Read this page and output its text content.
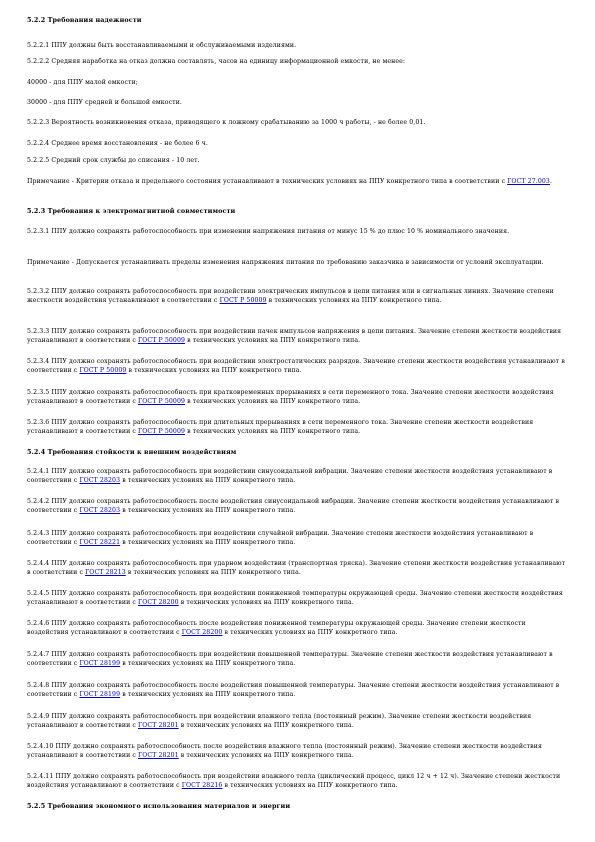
5.2.2 Требования надежности
5.2.2.1 ППУ должны быть восстанавливаемыми и обслуживаемыми изделиями.
5.2.2.2 Средняя наработка на отказ должна составлять, часов на единицу информационной емкости, не менее:
40000 - для ППУ малой емкости;
30000 - для ППУ средней и большой емкости.
5.2.2.3 Вероятность возникновения отказа, приводящего к ложному срабатыванию за 1000 ч работы, - не более 0,01.
5.2.2.4 Среднее время восстановления - не более 6 ч.
5.2.2.5 Средний срок службы до списания - 10 лет.
Примечание - Критерии отказа и предельного состояния устанавливают в технических условиях на ППУ конкретного типа в соответствии с ГОСТ 27.003.
5.2.3 Требования к электромагнитной совместимости
5.2.3.1 ППУ должно сохранять работоспособность при изменении напряжения питания от минус 15 % до плюс 10 % номинального значения.
Примечание - Допускается устанавливать пределы изменения напряжения питания по требованию заказчика в зависимости от условий эксплуатации.
5.2.3.2 ППУ должно сохранять работоспособность при воздействии электрических импульсов в цепи питания или в сигнальных линиях. Значение степени жесткости воздействия устанавливают в соответствии с ГОСТ Р 50009 в технических условиях на ППУ конкретного типа.
5.2.3.3 ППУ должно сохранять работоспособность при воздействии пачек импульсов напряжения в цепи питания. Значение степени жесткости воздействия устанавливают в соответствии с ГОСТ Р 50009 в технических условиях на ППУ конкретного типа.
5.2.3.4 ППУ должно сохранять работоспособность при воздействии электростатических разрядов. Значение степени жесткости воздействия устанавливают в соответствии с ГОСТ Р 50009 в технических условиях на ППУ конкретного типа.
5.2.3.5 ППУ должно сохранять работоспособность при кратковременных прерываниях в сети переменного тока. Значение степени жесткости воздействия устанавливают в соответствии с ГОСТ Р 50009 в технических условиях на ППУ конкретного типа.
5.2.3.6 ППУ должно сохранять работоспособность при длительных прерываниях в сети переменного тока. Значение степени жесткости воздействия устанавливают в соответствии с ГОСТ Р 50009 в технических условиях на ППУ конкретного типа.
5.2.4 Требования стойкости к внешним воздействиям
5.2.4.1 ППУ должно сохранять работоспособность при воздействии синусоидальной вибрации. Значение степени жесткости воздействия устанавливают в соответствии с ГОСТ 28203 в технических условиях на ППУ конкретного типа.
5.2.4.2 ППУ должно сохранять работоспособность после воздействия синусоидальной вибрации. Значение степени жесткости воздействия устанавливают в соответствии с ГОСТ 28203 в технических условиях на ППУ конкретного типа.
5.2.4.3 ППУ должно сохранять работоспособность при воздействии случайной вибрации. Значение степени жесткости воздействия устанавливают в соответствии с ГОСТ 28221 в технических условиях на ППУ конкретного типа.
5.2.4.4 ППУ должно сохранять работоспособность при ударном воздействии (транспортная тряска). Значение степени жесткости воздействия устанавливают в соответствии с ГОСТ 28213 в технических условиях на ППУ конкретного типа.
5.2.4.5 ППУ должно сохранять работоспособность при воздействии пониженной температуры окружающей среды. Значение степени жесткости воздействия устанавливают в соответствии с ГОСТ 28200 в технических условиях на ППУ конкретного типа.
5.2.4.6 ППУ должно сохранять работоспособность после воздействия пониженной температуры окружающей среды. Значение степени жесткости воздействия устанавливают в соответствии с ГОСТ 28200 в технических условиях на ППУ конкретного типа.
5.2.4.7 ППУ должно сохранять работоспособность при воздействии повышенной температуры. Значение степени жесткости воздействия устанавливают в соответствии с ГОСТ 28199 в технических условиях на ППУ конкретного типа.
5.2.4.8 ППУ должно сохранять работоспособность после воздействия повышенной температуры. Значение степени жесткости воздействия устанавливают в соответствии с ГОСТ 28199 в технических условиях на ППУ конкретного типа.
5.2.4.9 ППУ должно сохранять работоспособность при воздействии влажного тепла (постоянный режим). Значение степени жесткости воздействия устанавливают в соответствии с ГОСТ 28201 в технических условиях на ППУ конкретного типа.
5.2.4.10 ППУ должно сохранять работоспособность после воздействия влажного тепла (постоянный режим). Значение степени жесткости воздействия устанавливают в соответствии с ГОСТ 28201 в технических условиях на ППУ конкретного типа.
5.2.4.11 ППУ должно сохранять работоспособность при воздействии влажного тепла (циклический процесс, цикл 12 ч + 12 ч). Значение степени жесткости воздействия устанавливают в соответствии с ГОСТ 28216 в технических условиях на ППУ конкретного типа.
5.2.5 Требования экономного использования материалов и энергии
